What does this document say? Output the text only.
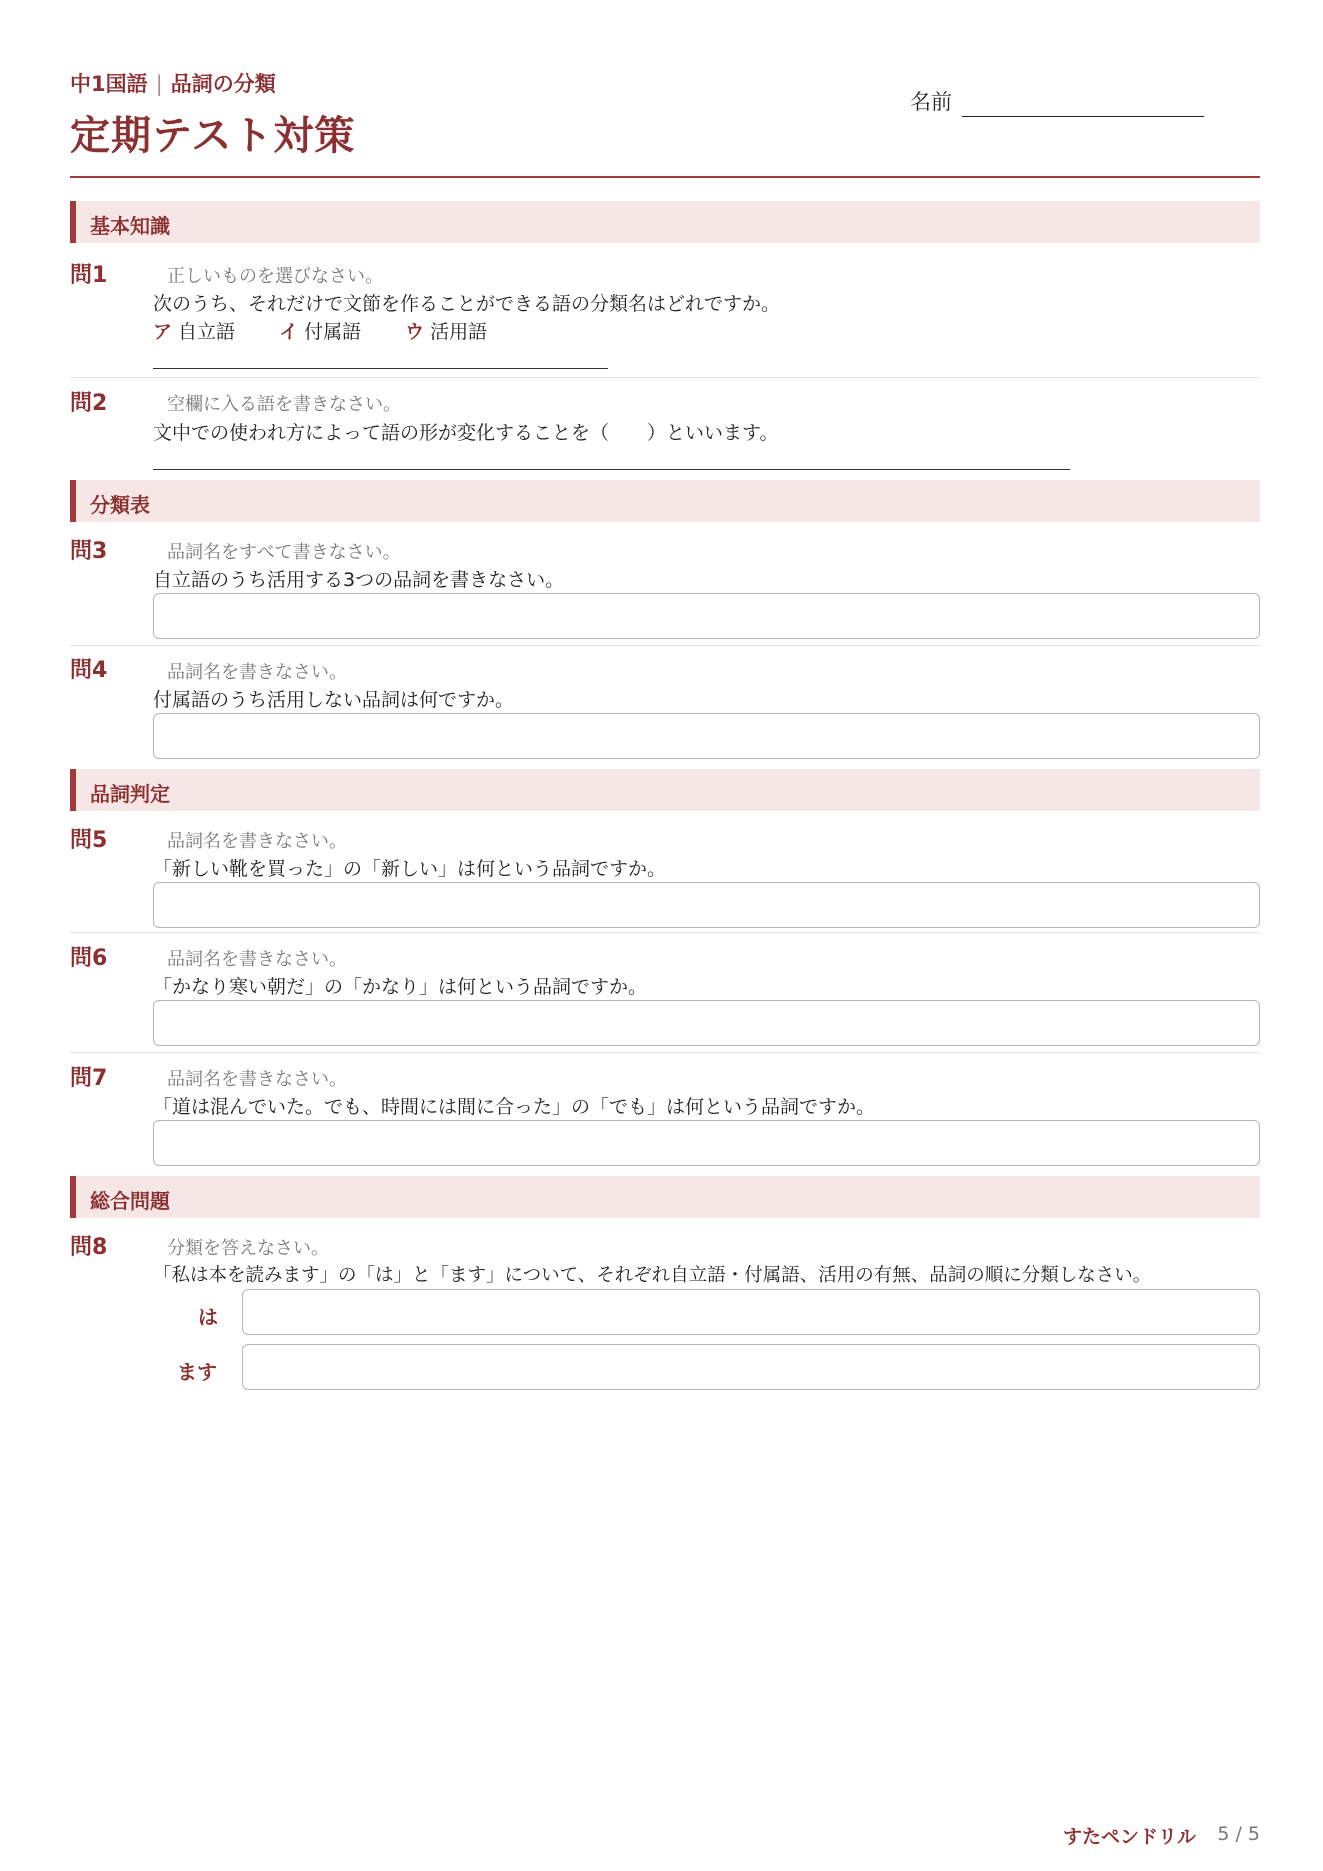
中1国語 | 品詞の分類
定期テスト対策
名前
基本知識
問1	正しいものを選びなさい。
次のうち、それだけで文節を作ることができる語の分類名はどれですか。
ア 自立語 イ 付属語 ウ 活用語
問2	空欄に入る語を書きなさい。
文中での使われ方によって語の形が変化することを（　　）といいます。
分類表
問3	品詞名をすべて書きなさい。
自立語のうち活用する3つの品詞を書きなさい。
問4	品詞名を書きなさい。
付属語のうち活用しない品詞は何ですか。
品詞判定
問5	品詞名を書きなさい。
「新しい靴を買った」の「新しい」は何という品詞ですか。
問6	品詞名を書きなさい。
「かなり寒い朝だ」の「かなり」は何という品詞ですか。
問7	品詞名を書きなさい。
「道は混んでいた。でも、時間には間に合った」の「でも」は何という品詞ですか。
総合問題
問8	分類を答えなさい。
「私は本を読みます」の「は」と「ます」について、それぞれ自立語・付属語、活用の有無、品詞の順に分類しなさい。
は
ます
すたペンドリル 5 / 5
